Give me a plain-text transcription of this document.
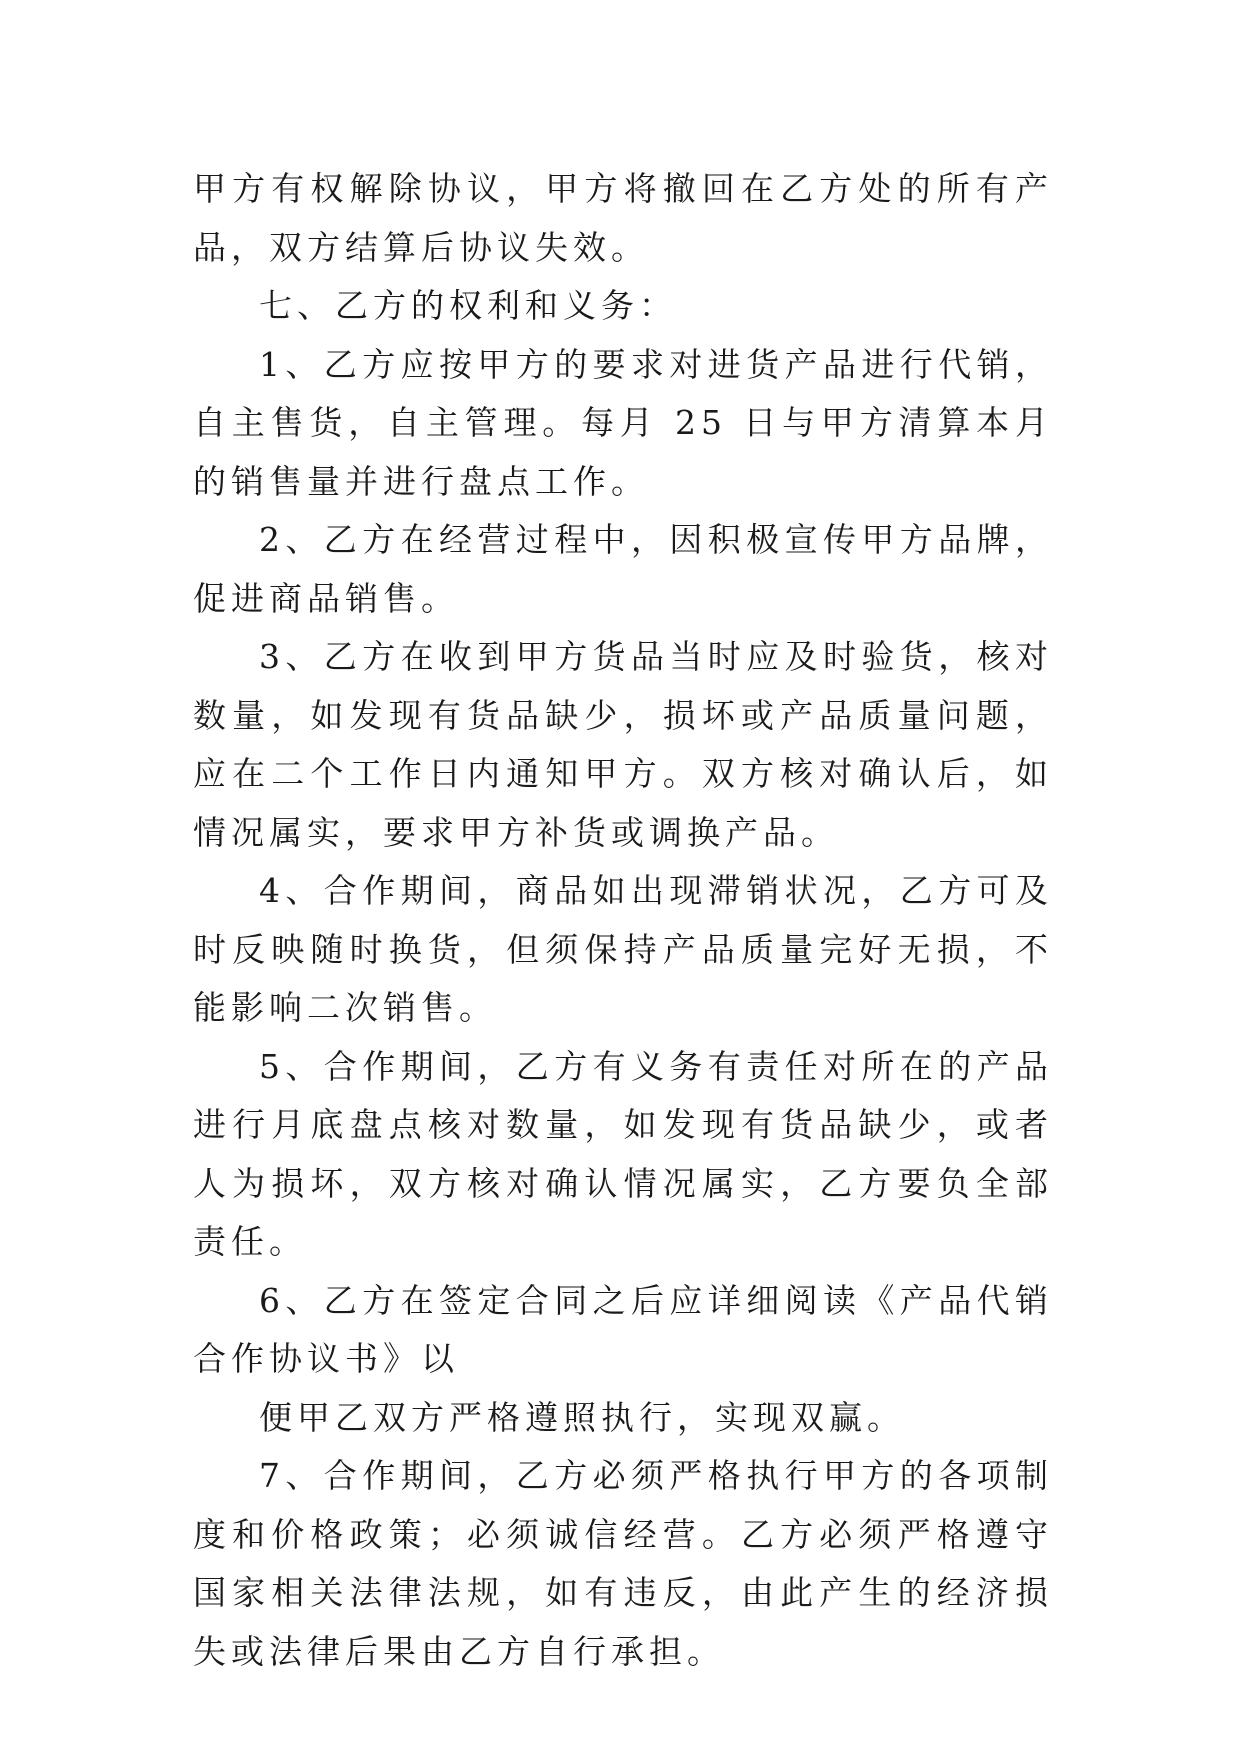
甲方有权解除协议，甲方将撤回在乙方处的所有产品，双方结算后协议失效。

七、乙方的权利和义务：

1、乙方应按甲方的要求对进货产品进行代销，自主售货，自主管理。每月 25 日与甲方清算本月的销售量并进行盘点工作。

2、乙方在经营过程中，因积极宣传甲方品牌，促进商品销售。

3、乙方在收到甲方货品当时应及时验货，核对数量，如发现有货品缺少，损坏或产品质量问题，应在二个工作日内通知甲方。双方核对确认后，如情况属实，要求甲方补货或调换产品。

4、合作期间，商品如出现滞销状况，乙方可及时反映随时换货，但须保持产品质量完好无损，不能影响二次销售。

5、合作期间，乙方有义务有责任对所在的产品进行月底盘点核对数量，如发现有货品缺少，或者人为损坏，双方核对确认情况属实，乙方要负全部责任。

6、乙方在签定合同之后应详细阅读《产品代销合作协议书》以

便甲乙双方严格遵照执行，实现双赢。

7、合作期间，乙方必须严格执行甲方的各项制度和价格政策；必须诚信经营。乙方必须严格遵守国家相关法律法规，如有违反，由此产生的经济损失或法律后果由乙方自行承担。
